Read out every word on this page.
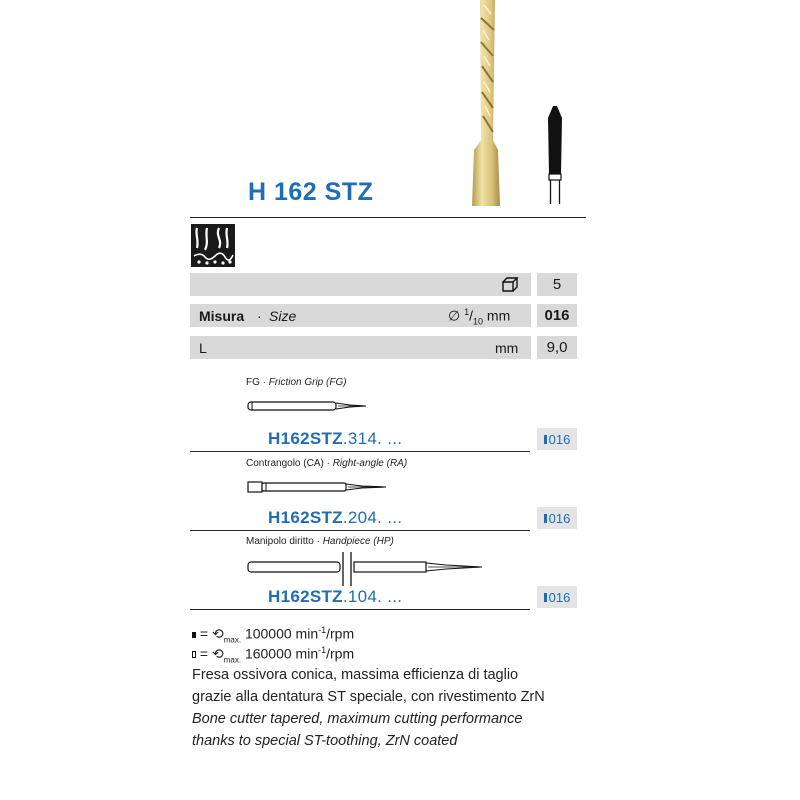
H 162 STZ
5
Misura · Size	∅ $^1/_{10}$ mm	016
L	mm	9,0
FG · Friction Grip (FG)
H162STZ.314. ...	016
Contrangolo (CA) · Right-angle (RA)
H162STZ.204. ...	016
Manipolo diritto · Handpiece (HP)
H162STZ.104. ...	016
= $⟲_{max.}$ 100000 $\min^{-1}$/rpm
= $⟲_{max.}$ 160000 $\min^{-1}$/rpm
Fresa ossivora conica, massima efficienza di taglio
grazie alla dentatura ST speciale, con rivestimento ZrN
Bone cutter tapered, maximum cutting performance
thanks to special ST-toothing, ZrN coated
